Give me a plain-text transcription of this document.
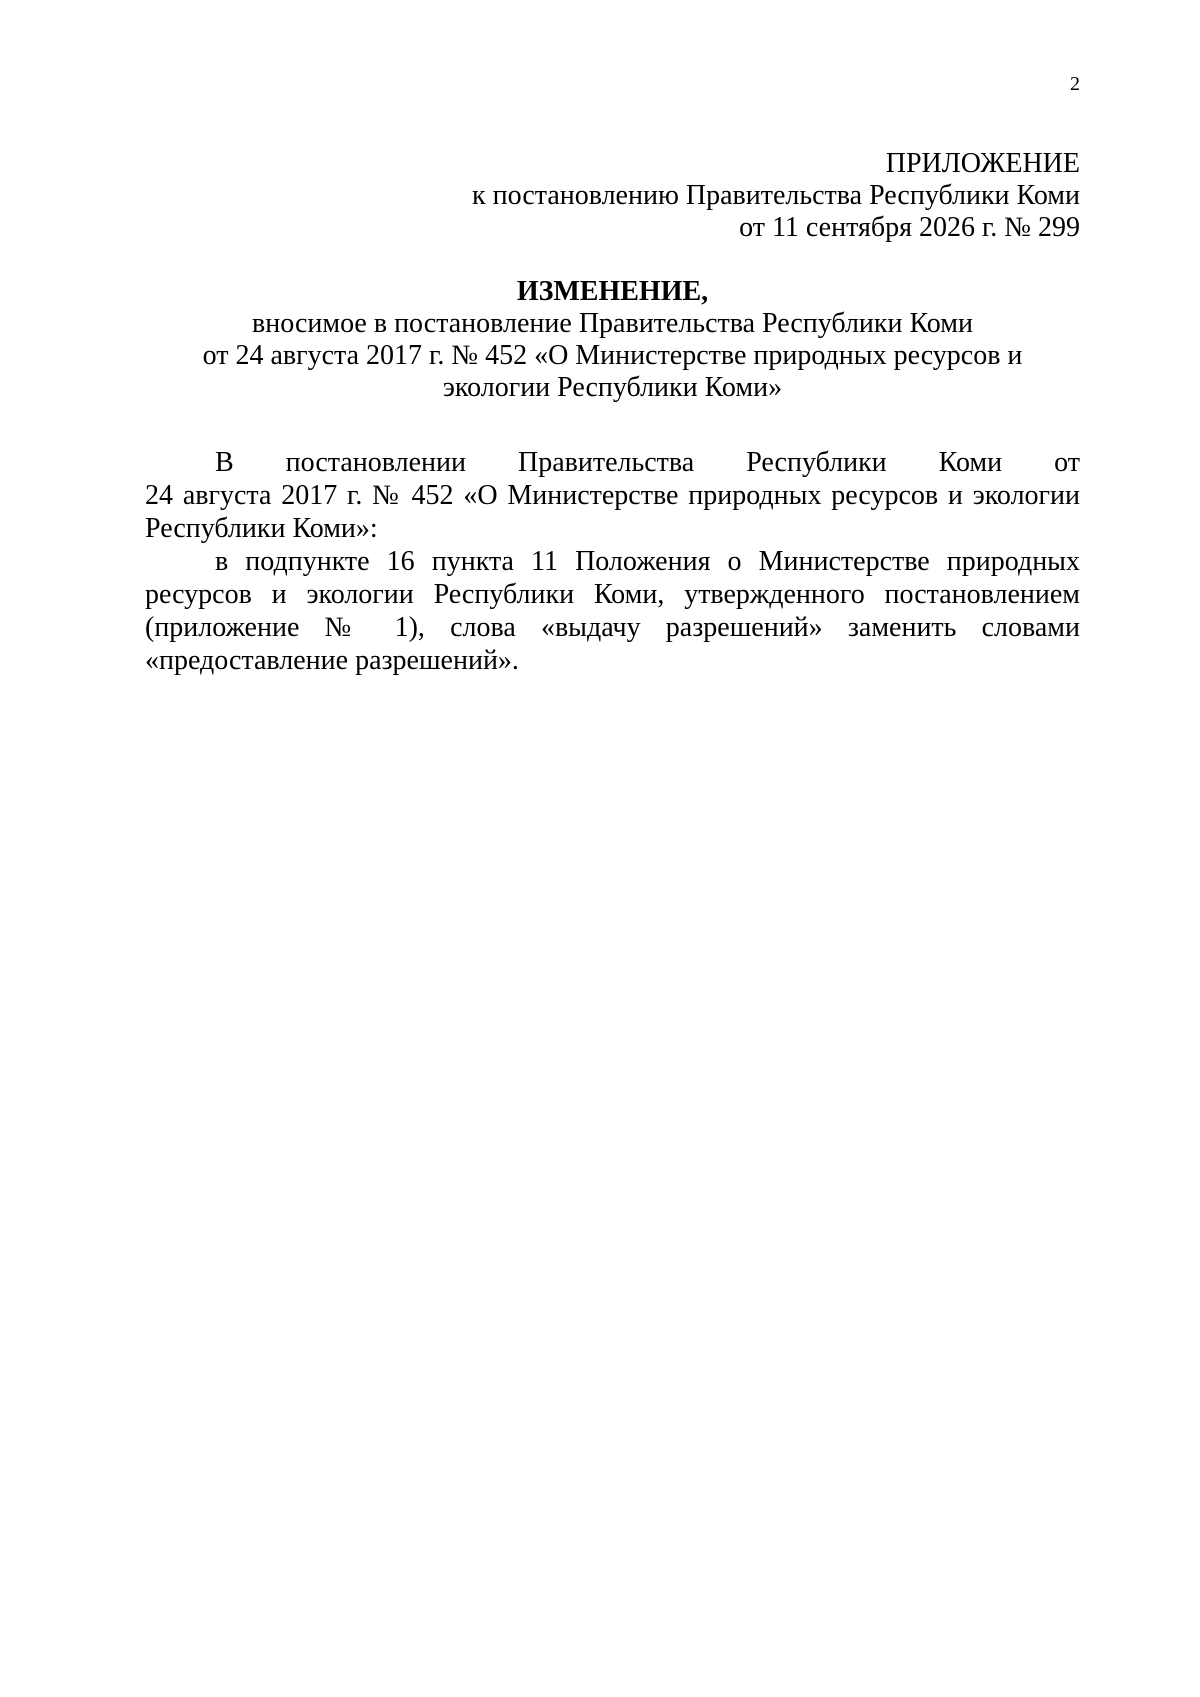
2
ПРИЛОЖЕНИЕ
к постановлению Правительства Республики Коми
от 11 сентября 2026 г. № 299
ИЗМЕНЕНИЕ,
вносимое в постановление Правительства Республики Коми
от 24 августа 2017 г. № 452 «О Министерстве природных ресурсов и
экологии Республики Коми»
В постановлении Правительства Республики Коми от
24 августа 2017 г. № 452 «О Министерстве природных ресурсов и экологии
Республики Коми»:
в подпункте 16 пункта 11 Положения о Министерстве природных
ресурсов и экологии Республики Коми, утвержденного постановлением
(приложение № 1), слова «выдачу разрешений» заменить словами
«предоставление разрешений».
